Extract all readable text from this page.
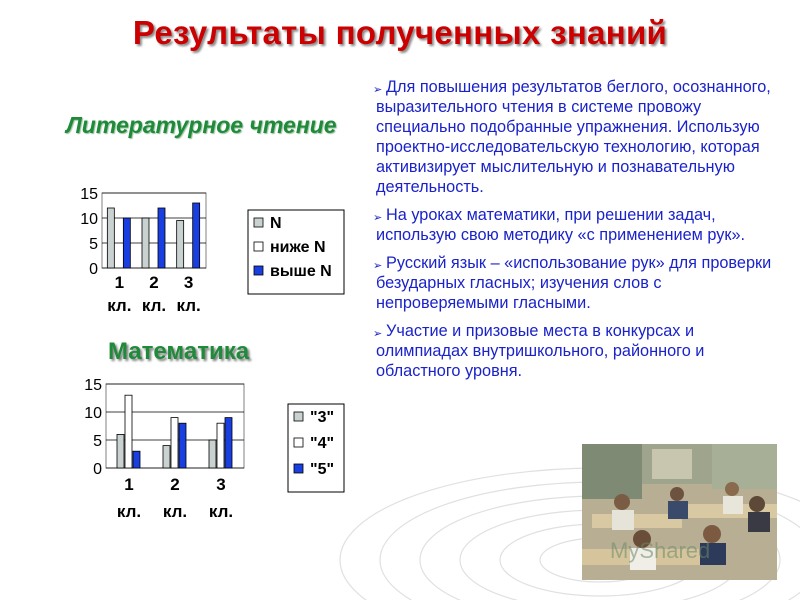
Результаты полученных знаний
Литературное чтение
Математика
0
5
10
15
1
кл.
2
кл.
3
кл.
N
ниже N
выше N
0
5
10
15
1
кл.
2
кл.
3
кл.
"3"
"4"
"5"
➢ Для повышения результатов беглого, осознанного, выразительного чтения в системе провожу специально подобранные упражнения. Использую проектно-исследовательскую технологию, которая активизирует мыслительную и познавательную деятельность.
➢ На уроках математики, при решении задач, использую свою методику «с применением рук».
➢ Русский язык – «использование рук» для проверки безударных гласных; изучения слов с непроверяемыми гласными.
➢ Участие и призовые места в конкурсах и олимпиадах внутришкольного, районного и областного уровня.
MyShared
